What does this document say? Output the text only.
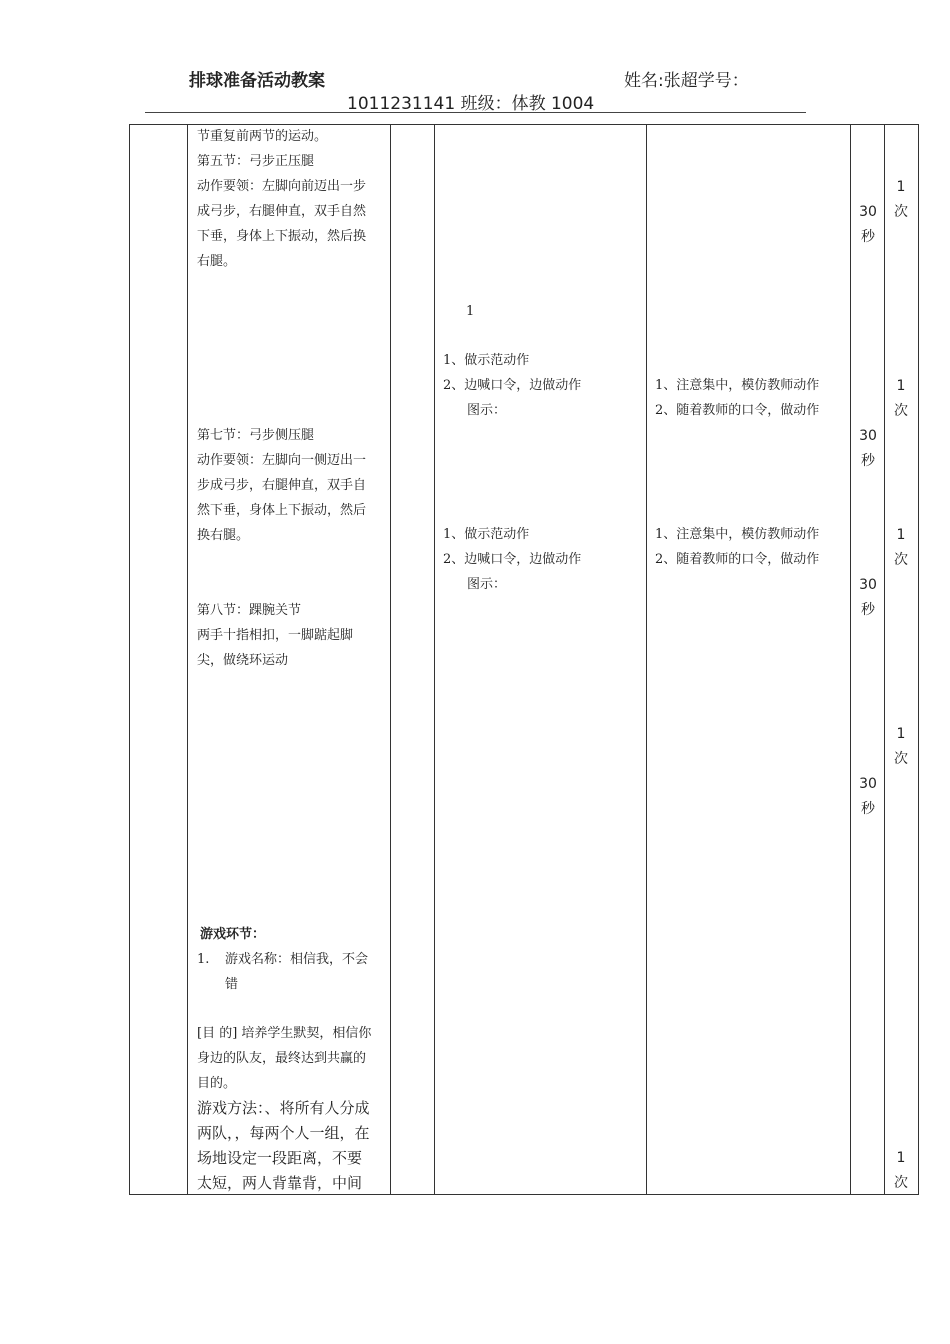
排球准备活动教案	姓名:张超学号：
1011231141 班级：体教 1004
节重复前两节的运动。
第五节：弓步正压腿
动作要领：左脚向前迈出一步
成弓步，右腿伸直，双手自然
下垂，身体上下振动，然后换
右腿。
第七节：弓步侧压腿
动作要领：左脚向一侧迈出一
步成弓步，右腿伸直，双手自
然下垂，身体上下振动，然后
换右腿。
第八节：踝腕关节
两手十指相扣，一脚踮起脚
尖，做绕环运动
游戏环节：
1. 游戏名称：相信我，不会
错
[目 的] 培养学生默契，相信你
身边的队友，最终达到共赢的
目的。
游戏方法：、将所有人分成
两队，，每两个人一组，在
场地设定一段距离，不要
太短，两人背靠背，中间
1
1、做示范动作
2、边喊口令，边做动作
图示：
1、做示范动作
2、边喊口令，边做动作
图示：
1、注意集中，模仿教师动作
2、随着教师的口令，做动作
1、注意集中，模仿教师动作
2、随着教师的口令，做动作
30
秒
30
秒
30
秒
30
秒
1
次
1
次
1
次
1
次
1
次
